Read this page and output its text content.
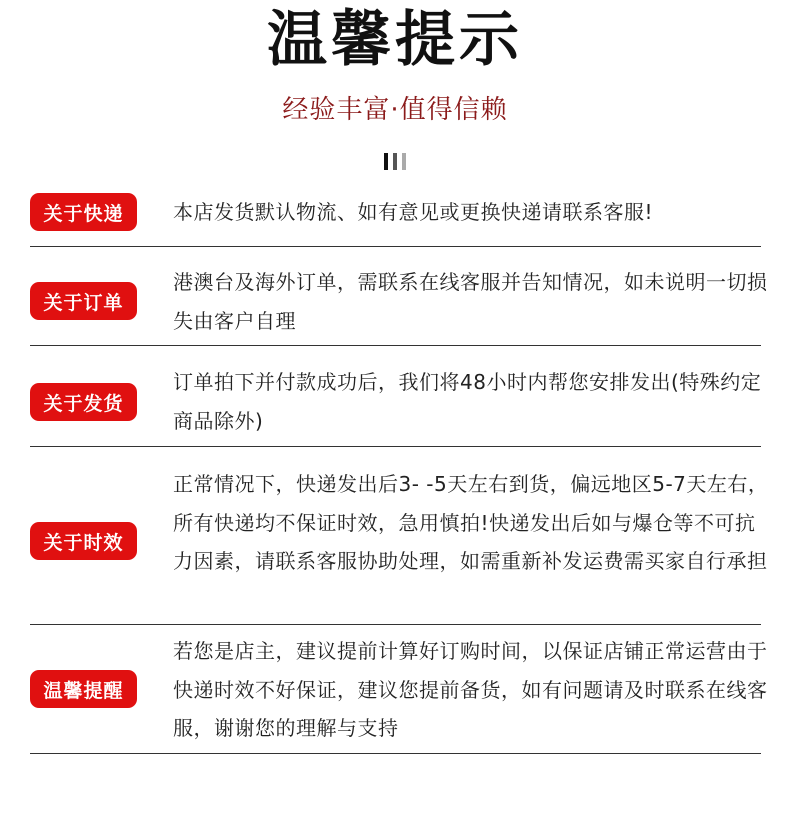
温馨提示
经验丰富·值得信赖
关于快递	本店发货默认物流、如有意见或更换快递请联系客服!
关于订单
港澳台及海外订单，需联系在线客服并告知情况，如未说明一切损失由客户自理
关于发货
订单拍下并付款成功后，我们将48小时内帮您安排发出(特殊约定商品除外)
关于时效
正常情况下，快递发出后3- -5天左右到货，偏远地区5-7天左右，所有快递均不保证时效，急用慎拍!快递发出后如与爆仓等不可抗力因素，请联系客服协助处理，如需重新补发运费需买家自行承担
温馨提醒
若您是店主，建议提前计算好订购时间，以保证店铺正常运营由于快递时效不好保证，建议您提前备货，如有问题请及时联系在线客服，谢谢您的理解与支持
